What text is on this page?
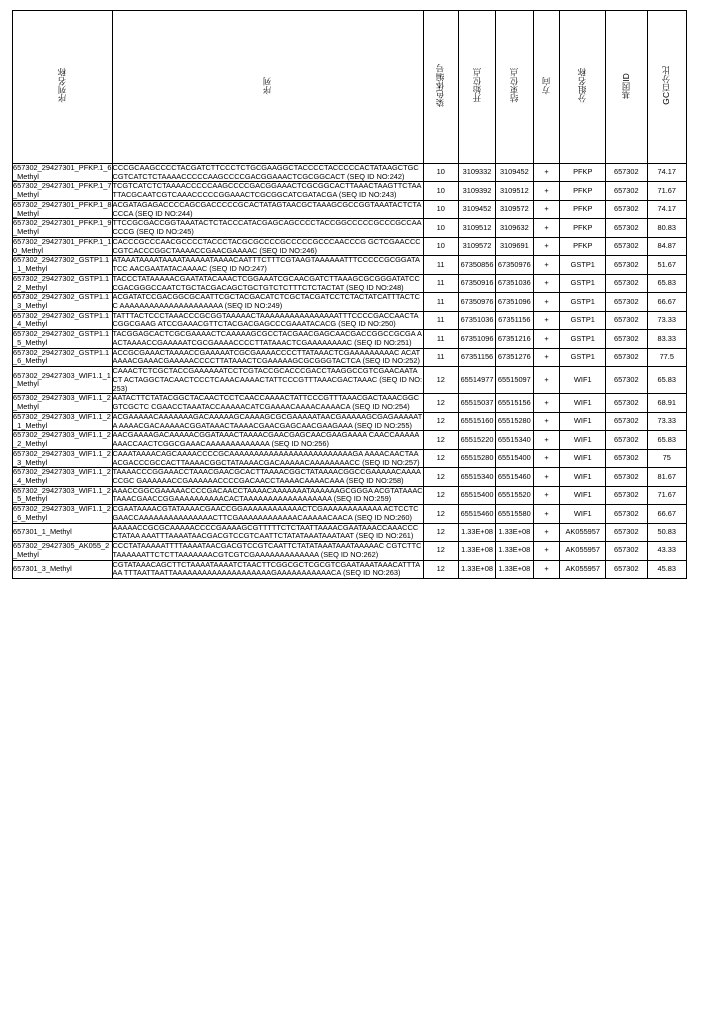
序列名称	序列	染色体编号	开始位点	结束位点	方向	分组名称	基因ID	GC百分比
657302_29427301_PFKP.1_6_Methyl	CCCGCAAGCCCCTACGATCTTCCCTCTGCGAAGGCTACCCCTACCCCCACTATAAGCTGCCGTCATCTCTAAAACCCCCAAGCCCCGACGGAAACTCGCGGCACT (SEQ ID NO:242)	10	3109332	3109452	+	PFKP	657302	74.17
657302_29427301_PFKP.1_7_Methyl	TCGTCATCTCTAAAACCCCCAAGCCCCGACGGAAACTCGCGGCACTTAAACTAAGTTCTAATTACGCAATCGTCAAACCCCCGGAAACTCGCGGCATCGATACGA (SEQ ID NO:243)	10	3109392	3109512	+	PFKP	657302	71.67
657302_29427301_PFKP.1_8_Methyl	ACGATAGAGACCCCAGCGACCCCCGCACTATAGTAACGCTAAAGCGCCGGTAAATACTCTACCCA (SEQ ID NO:244)	10	3109452	3109572	+	PFKP	657302	74.17
657302_29427301_PFKP.1_9_Methyl	TTCCGCGACCGGTAAATACTCTACCCATACGAGCAGCCCCTACCGGCCCCCGCCCGCCAACCCG (SEQ ID NO:245)	10	3109512	3109632	+	PFKP	657302	80.83
657302_29427301_PFKP.1_10_Methyl	CACCCGCCCAACGCCCCTACCCTACGCGCCCCGCCCCCGCCCAACCCG GCTCGAACCCCGTCACCCGGCTAAAACCGAACGAAAAC (SEQ ID NO:246)	10	3109572	3109691	+	PFKP	657302	84.87
657302_29427302_GSTP1.1_1_Methyl	ATAAATAAAATAAAATAAAAATAAAACAATTTCTTTCGTAAGTAAAAAATTTCCCCCGCGGATATCC AACGAATATACAAAAC (SEQ ID NO:247)	11	67350856	67350976	+	GSTP1	657302	51.67
657302_29427302_GSTP1.1_2_Methyl	TACCCTATAAAAACGAATATACAAACTCGGAAATCGCAACGATCTTAAAGCGCGGGATATCC CGACGGGCCAATCTGCTACGACAGCTGCTGTCTCTTTCTCTACTAT (SEQ ID NO:248)	11	67350916	67351036	+	GSTP1	657302	65.83
657302_29427302_GSTP1.1_3_Methyl	ACGATATCCGACGGCGCAATTCGCTACGACATCTCGCTACGATCCTCTACTATCATTTACTCC AAAAAAAAAAAAAAAAAAAAA (SEQ ID NO:249)	11	67350976	67351096	+	GSTP1	657302	66.67
657302_29427302_GSTP1.1_4_Methyl	TATTTACTCCCTAAACCCGCGGTAAAAACTAAAAAAAAAAAAAAAATTTCCCCGACCAACTACGGCGAAG ATCCGAAACGTTCTACGACGAGCCCGAAATACACG (SEQ ID NO:250)	11	67351036	67351156	+	GSTP1	657302	73.33
657302_29427302_GSTP1.1_5_Methyl	TACGGAGCACTCGCGAAAACTCAAAAAGCGCCTACGAACGAGCAACGACCGGCCGCGA AACTAAAACCGAAAAATCGCGAAAACCCCTTATAAACTCGAAAAAAAAC (SEQ ID NO:251)	11	67351096	67351216	+	GSTP1	657302	83.33
657302_29427302_GSTP1.1_6_Methyl	ACCGCGAAACTAAAACCGAAAAATCGCGAAAACCCCTTATAAACTCGAAAAAAAAAC ACATAAAACGAAACGAAAAACCCCTTATAAACTCGAAAAAGCGCGGGTACTCA (SEQ ID NO:252)	11	67351156	67351276	+	GSTP1	657302	77.5
657302_29427303_WIF1.1_1_Methyl	CAAACTCTCGCTACCGAAAAAATCCTCGTACCGCACCCGACCTAAGGCCGTCGAACAATACT ACTAGGCTACAACTCCCTCAAACAAAACTATTCCCGTTTAAACGACTAAAC (SEQ ID NO:253)	12	65514977	65515097	+	WIF1	657302	65.83
657302_29427303_WIF1.1_2_Methyl	AATACTTCTATACGGCTACAACTCCTCAACCAAAACTATTCCCGTTTAAACGACTAAACGGCGTCGCTC CGAACCTAAATACCAAAAACATCGAAAACAAAACAAAACA (SEQ ID NO:254)	12	65515037	65515156	+	WIF1	657302	68.91
657302_29427303_WIF1.1_2_1_Methyl	ACGAAAAACAAAAAAAGACAAAAAGCAAAAGCGCGAAAAATAACGAAAAAGCGAGAAAAATA AAAACGACAAAAACGGATAAACTAAAACGAACGAGCAACGAAGAAA (SEQ ID NO:255)	12	65515160	65515280	+	WIF1	657302	73.33
657302_29427303_WIF1.1_2_2_Methyl	AACGAAAAGACAAAAACGGATAAACTAAAACGAACGAGCAACGAAGAAAA CAACCAAAAAAAACCAACTCGGCGAAACAAAAAAAAAAAAA (SEQ ID NO:256)	12	65515220	65515340	+	WIF1	657302	65.83
657302_29427303_WIF1.1_2_3_Methyl	CAAATAAAACAGCAAAACCCCGCAAAAAAAAAAAAAAAAAAAAAAAAAGA AAAACAACTAAACGACCCGCCACTTAAAACGGCTATAAAACGACAAAAACAAAAAAAACC (SEQ ID NO:257)	12	65515280	65515400	+	WIF1	657302	75
657302_29427303_WIF1.1_2_4_Methyl	TAAAACCCGGAAACCTAAACGAACGCACTTAAAACGGCTATAAAACGGCCGAAAAACAAAACCGC GAAAAAACCGAAAAAACCCCGACAACCTAAAACAAAACAAA (SEQ ID NO:258)	12	65515340	65515460	+	WIF1	657302	81.67
657302_29427303_WIF1.1_2_5_Methyl	AAACCGGCGAAAAACCCCGACAACCTAAAACAAAAAAATAAAAAAGCGGGA ACGTATAAACTAAACGAACCGGAAAAAAAAAACACTAAAAAAAAAAAAAAAAAA (SEQ ID NO:259)	12	65515400	65515520	+	WIF1	657302	71.67
657302_29427303_WIF1.1_2_6_Methyl	CGAATAAAACGTATAAAACGAACCGGAAAAAAAAAAAACTCGAAAAAAAAAAAA ACTCCTCGAACCAAAAAAAAAAAAAAACTTCGAAAAAAAAAAAACAAAAACAACA (SEQ ID NO:260)	12	65515460	65515580	+	WIF1	657302	66.67
657301_1_Methyl	AAAAACCGCGCAAAAACCCCGAAAAGCGTTTTTCTCTAATTAAAACGAATAAACCAAACCCCTATAA AAATTTAAAATAACGACGTCCGTCAATTCTATATAAATAAATAAT (SEQ ID NO:261)	12	1.33E+08	1.33E+08	+	AK055957	657302	50.83
657302_29427305_AK055_2_Methyl	CCCTATAAAAATTTTAAAATAACGACGTCCGTCAATTCTATATAAATAAATAAAAAC CGTCTTCTAAAAAATTCTCTTAAAAAAACGTCGTCGAAAAAAAAAAAAA (SEQ ID NO:262)	12	1.33E+08	1.33E+08	+	AK055957	657302	43.33
657301_3_Methyl	CGTATAAACAGCTTCTAAAATAAAATCTAACTTCGGCGCTCGCGTCGAATAAATAAACATTTAAA TTTAATTAATTAAAAAAAAAAAAAAAAAAAAGAAAAAAAAAAACA (SEQ ID NO:263)	12	1.33E+08	1.33E+08	+	AK055957	657302	45.83
